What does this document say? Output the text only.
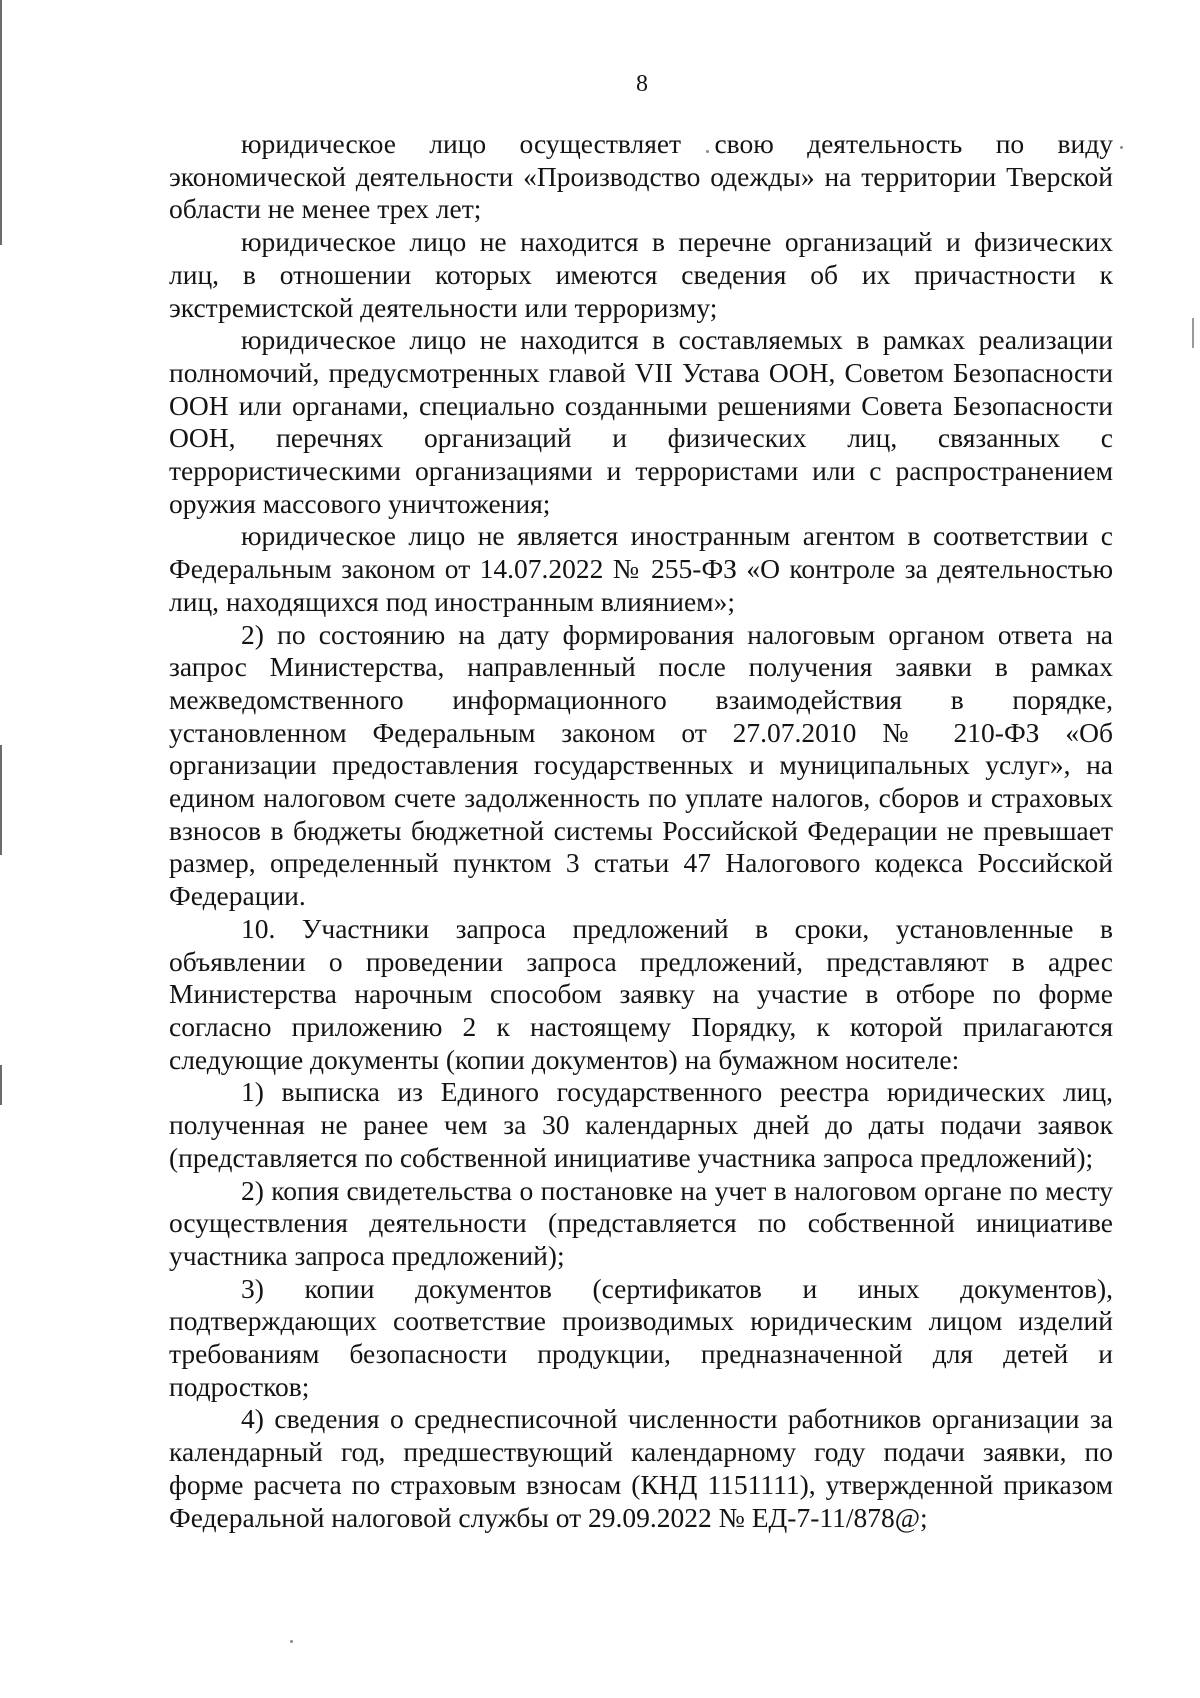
8

юридическое лицо осуществляет свою деятельность по виду экономической деятельности «Производство одежды» на территории Тверской области не менее трех лет;

юридическое лицо не находится в перечне организаций и физических лиц, в отношении которых имеются сведения об их причастности к экстремистской деятельности или терроризму;

юридическое лицо не находится в составляемых в рамках реализации полномочий, предусмотренных главой VII Устава ООН, Советом Безопасности ООН или органами, специально созданными решениями Совета Безопасности ООН, перечнях организаций и физических лиц, связанных с террористическими организациями и террористами или с распространением оружия массового уничтожения;

юридическое лицо не является иностранным агентом в соответствии с Федеральным законом от 14.07.2022 № 255-ФЗ «О контроле за деятельностью лиц, находящихся под иностранным влиянием»;

2) по состоянию на дату формирования налоговым органом ответа на запрос Министерства, направленный после получения заявки в рамках межведомственного информационного взаимодействия в порядке, установленном Федеральным законом от 27.07.2010 № 210-ФЗ «Об организации предоставления государственных и муниципальных услуг», на едином налоговом счете задолженность по уплате налогов, сборов и страховых взносов в бюджеты бюджетной системы Российской Федерации не превышает размер, определенный пунктом 3 статьи 47 Налогового кодекса Российской Федерации.

10. Участники запроса предложений в сроки, установленные в объявлении о проведении запроса предложений, представляют в адрес Министерства нарочным способом заявку на участие в отборе по форме согласно приложению 2 к настоящему Порядку, к которой прилагаются следующие документы (копии документов) на бумажном носителе:

1) выписка из Единого государственного реестра юридических лиц, полученная не ранее чем за 30 календарных дней до даты подачи заявок (представляется по собственной инициативе участника запроса предложений);

2) копия свидетельства о постановке на учет в налоговом органе по месту осуществления деятельности (представляется по собственной инициативе участника запроса предложений);

3) копии документов (сертификатов и иных документов), подтверждающих соответствие производимых юридическим лицом изделий требованиям безопасности продукции, предназначенной для детей и подростков;

4) сведения о среднесписочной численности работников организации за календарный год, предшествующий календарному году подачи заявки, по форме расчета по страховым взносам (КНД 1151111), утвержденной приказом Федеральной налоговой службы от 29.09.2022 № ЕД-7-11/878@;
